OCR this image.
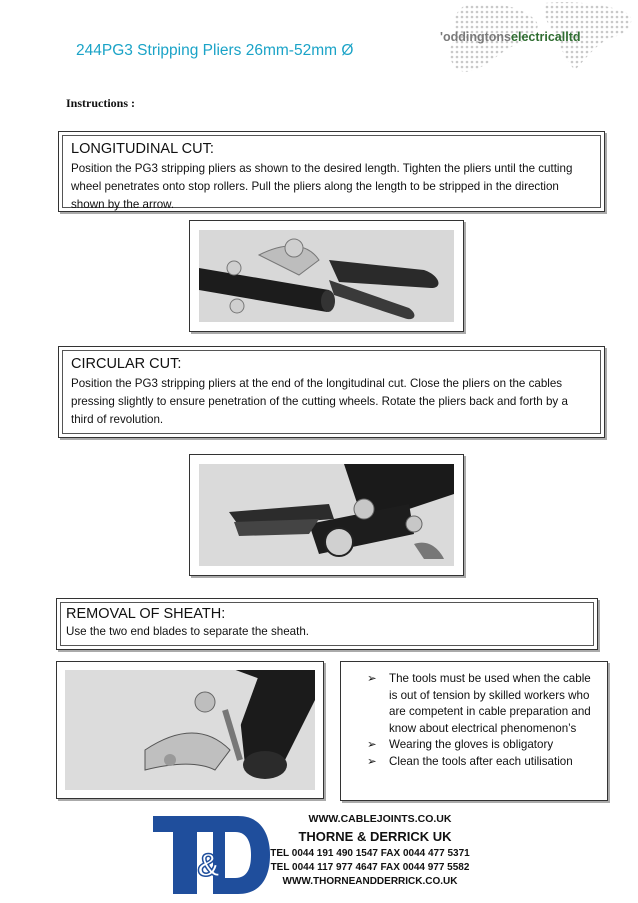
244PG3 Stripping Pliers 26mm-52mm Ø
'oddingtonselectricalltd
Instructions :
LONGITUDINAL CUT:

Position the PG3 stripping pliers as shown to the desired length. Tighten the pliers until the cutting wheel penetrates onto stop rollers. Pull the pliers along the length to be stripped in the direction shown by the arrow.

CIRCULAR CUT:

Position the PG3 stripping pliers at the end of the longitudinal cut. Close the pliers on the cables pressing slightly to ensure penetration of the cutting wheels. Rotate the pliers back and forth by a third of revolution.

REMOVAL OF SHEATH:

Use the two end blades to separate the sheath.

➢ The tools must be used when the cable is out of tension by skilled workers who are competent in cable preparation and know about electrical phenomenon’s
➢ Wearing the gloves is obligatory
➢ Clean the tools after each utilisation
&
WWW.CABLEJOINTS.CO.UK
THORNE & DERRICK UK
TEL 0044 191 490 1547 FAX 0044 477 5371
TEL 0044 117 977 4647 FAX 0044 977 5582
WWW.THORNEANDDERRICK.CO.UK
